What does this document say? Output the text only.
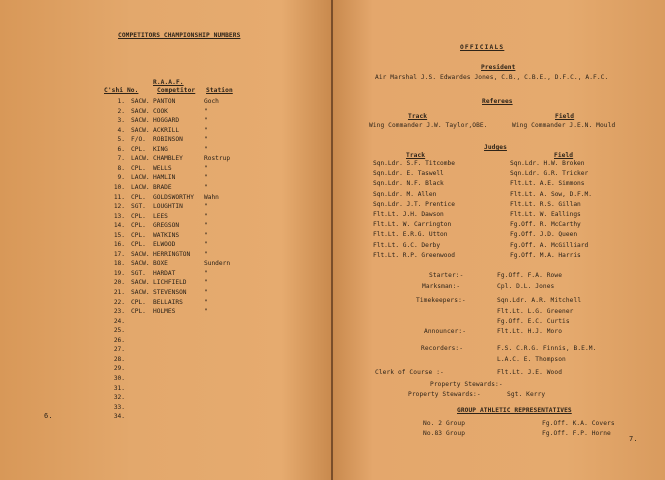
COMPETITORS CHAMPIONSHIP NUMBERS
R.A.A.F.
C'shi No.	Competitor Station
1. SACW. PANTON	Goch
2. SACW. COOK	"
3. SACW. HOGGARD	"
4. SACW. ACKRILL	"
5. F/O. ROBINSON	"
6. CPL. KING	"
7. LACW. CHAMBLEY	Rostrup
8. CPL. WELLS	"
9. LACW. HAMLIN	"
10. LACW. BRADE	"
11. CPL. GOLDSWORTHY Wahn
12. SGT. LOUGHTIN	"
13. CPL. LEES	"
14. CPL. GREGSON	"
15. CPL. WATKINS	"
16. CPL. ELWOOD	"
17. SACW. HERRINGTON "
18. SACW. BOXE	Sundern
19. SGT. HARDAT	"
20. SACW. LICHFIELD	"
21. SACW. STEVENSON	"
22. CPL. BELLAIRS	"
23. CPL. HOLMES	"
24.
25.
26.
27.
28.
29.
30.
31.
32.
33.
34.
6.
OFFICIALS
President
Air Marshal J.S. Edwardes Jones, C.B., C.B.E., D.F.C., A.F.C.
Referees
Track	Field
Wing Commander J.W. Taylor,OBE.	Wing Commander J.E.N. Mould
Judges
Track	Field
Sqn.Ldr. S.F. Titcombe	Sqn.Ldr. H.W. Broken
Sqn.Ldr. E. Taswell	Sqn.Ldr. G.R. Tricker
Sqn.Ldr. N.F. Black	Flt.Lt. A.E. Simmons
Sqn.Ldr. M. Allen	Flt.Lt. A. Sow, D.F.M.
Sqn.Ldr. J.T. Prentice	Flt.Lt. R.S. Gillan
Flt.Lt. J.H. Dawson	Flt.Lt. W. Eallings
Flt.Lt. W. Carrington	Fg.Off. R. McCarthy
Flt.Lt. E.R.G. Utton	Fg.Off. J.D. Queen
Flt.Lt. G.C. Derby	Fg.Off. A. McGilliard
Flt.Lt. R.P. Greenwood	Fg.Off. M.A. Harris
Starter:-	Fg.Off. F.A. Rowe
Marksman:-	Cpl. D.L. Jones
Timekeepers:-	Sqn.Ldr. A.R. Mitchell
Flt.Lt. L.G. Greener
Fg.Off. E.C. Curtis
Announcer:-	Flt.Lt. H.J. Moro
Recorders:-	F.S. C.R.G. Finnis, B.E.M.
L.A.C. E. Thompson
Clerk of Course :-	Flt.Lt. J.E. Wood
Property Stewards:-
Property Stewards:-	Sgt. Kerry
GROUP ATHLETIC REPRESENTATIVES
No. 2 Group	Fg.Off. K.A. Covers
No.83 Group	Fg.Off. F.P. Horne
7.
